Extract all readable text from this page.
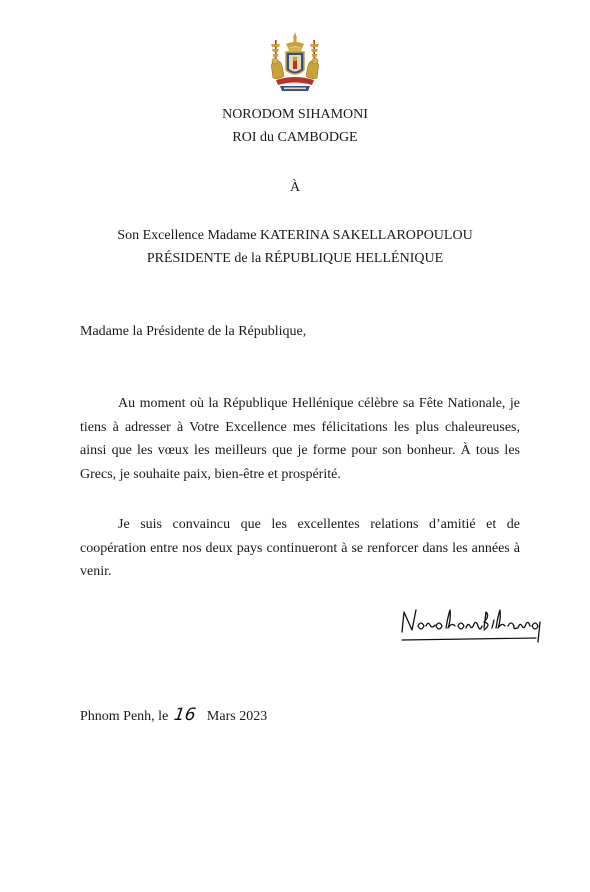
NORODOM SIHAMONI
ROI du CAMBODGE
À
Son Excellence Madame KATERINA SAKELLAROPOULOU
PRÉSIDENTE de la RÉPUBLIQUE HELLÉNIQUE
Madame la Présidente de la République,

Au moment où la République Hellénique célèbre sa Fête Nationale, je tiens à adresser à Votre Excellence mes félicitations les plus chaleureuses, ainsi que les vœux les meilleurs que je forme pour son bonheur. À tous les Grecs, je souhaite paix, bien-être et prospérité.

Je suis convaincu que les excellentes relations d’amitié et de coopération entre nos deux pays continueront à se renforcer dans les années à venir.

Phnom Penh, le 16 Mars 2023
